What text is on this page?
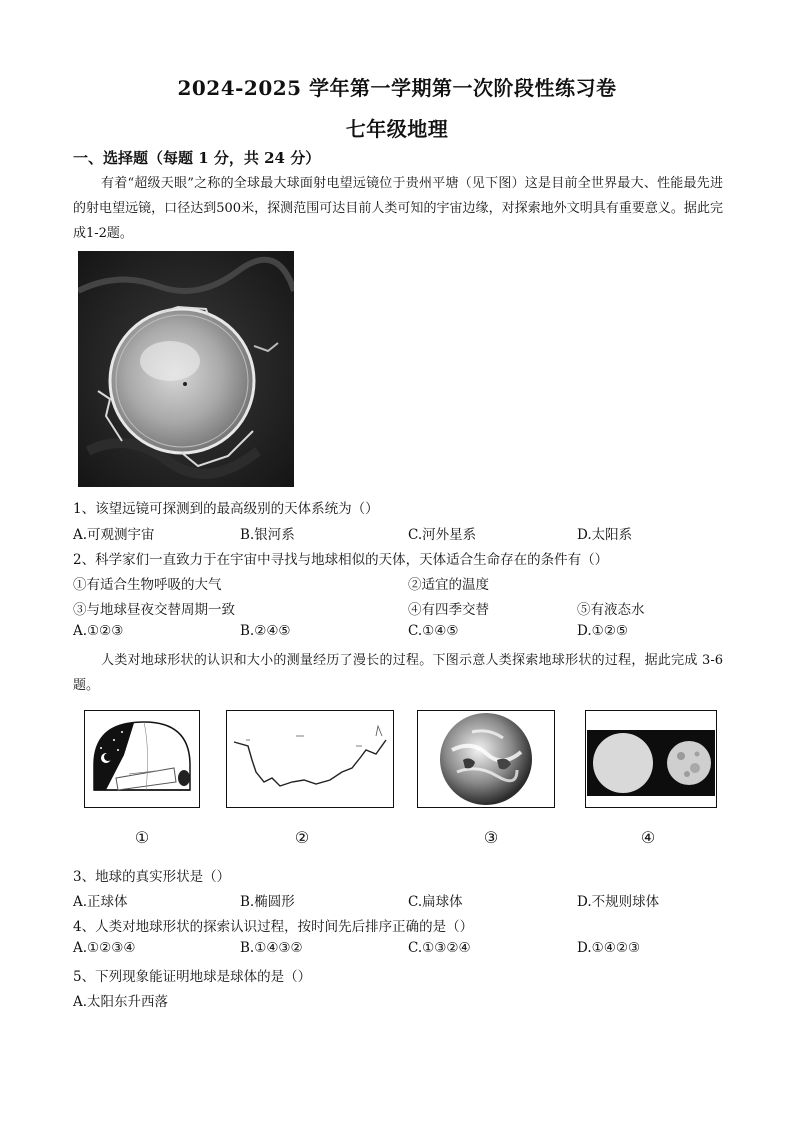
2024-2025 学年第一学期第一次阶段性练习卷
七年级地理
一、选择题（每题 1 分，共 24 分）
有着“超级天眼”之称的全球最大球面射电望远镜位于贵州平塘（见下图）这是目前全世界最大、性能最先进的射电望远镜，口径达到500米，探测范围可达目前人类可知的宇宙边缘，对探索地外文明具有重要意义。据此完成1-2题。
1、该望远镜可探测到的最高级别的天体系统为（）
A.可观测宇宙	B.银河系	C.河外星系	D.太阳系
2、科学家们一直致力于在宇宙中寻找与地球相似的天体，天体适合生命存在的条件有（）
①有适合生物呼吸的大气	②适宜的温度
③与地球昼夜交替周期一致	④有四季交替	⑤有液态水
A.①②③	B.②④⑤	C.①④⑤	D.①②⑤
人类对地球形状的认识和大小的测量经历了漫长的过程。下图示意人类探索地球形状的过程，据此完成 3-6 题。
①	②	③	④
3、地球的真实形状是（）
A.正球体	B.椭圆形	C.扁球体	D.不规则球体
4、人类对地球形状的探索认识过程，按时间先后排序正确的是（）
A.①②③④	B.①④③②	C.①③②④	D.①④②③
5、下列现象能证明地球是球体的是（）
A.太阳东升西落
